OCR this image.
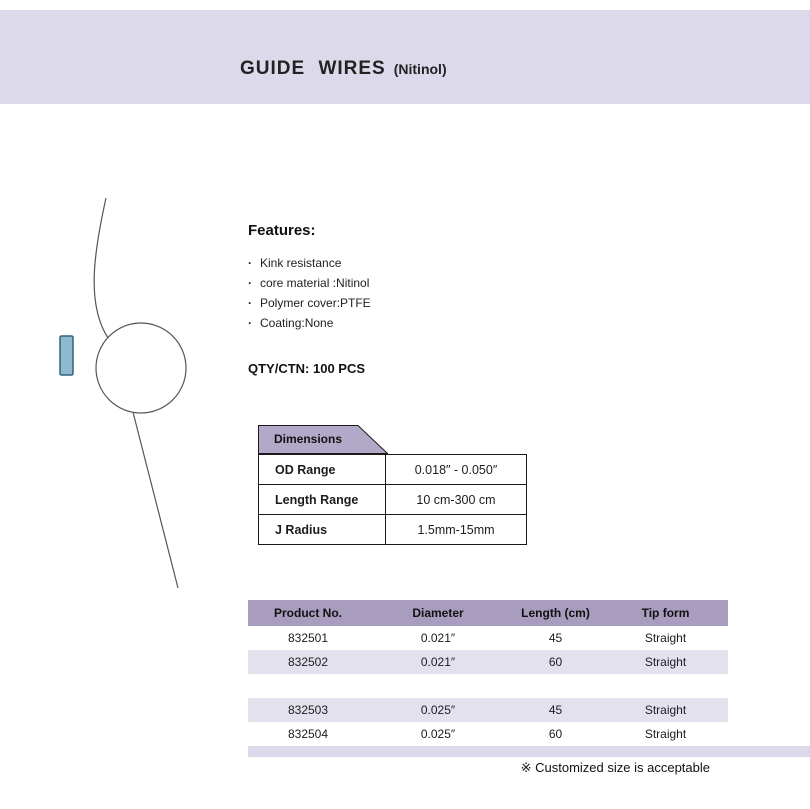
GUIDE WIRES (Nitinol)
Features:
· Kink resistance
· core material :Nitinol
· Polymer cover:PTFE
· Coating:None
QTY/CTN: 100 PCS
Dimensions
OD Range	0.018″ - 0.050″
Length Range	10 cm-300 cm
J Radius	1.5mm-15mm
Product No.	Diameter	Length (cm)	Tip form
832501	0.021″	45	Straight
832502	0.021″	60	Straight
832503	0.025″	45	Straight
832504	0.025″	60	Straight
※ Customized size is acceptable
